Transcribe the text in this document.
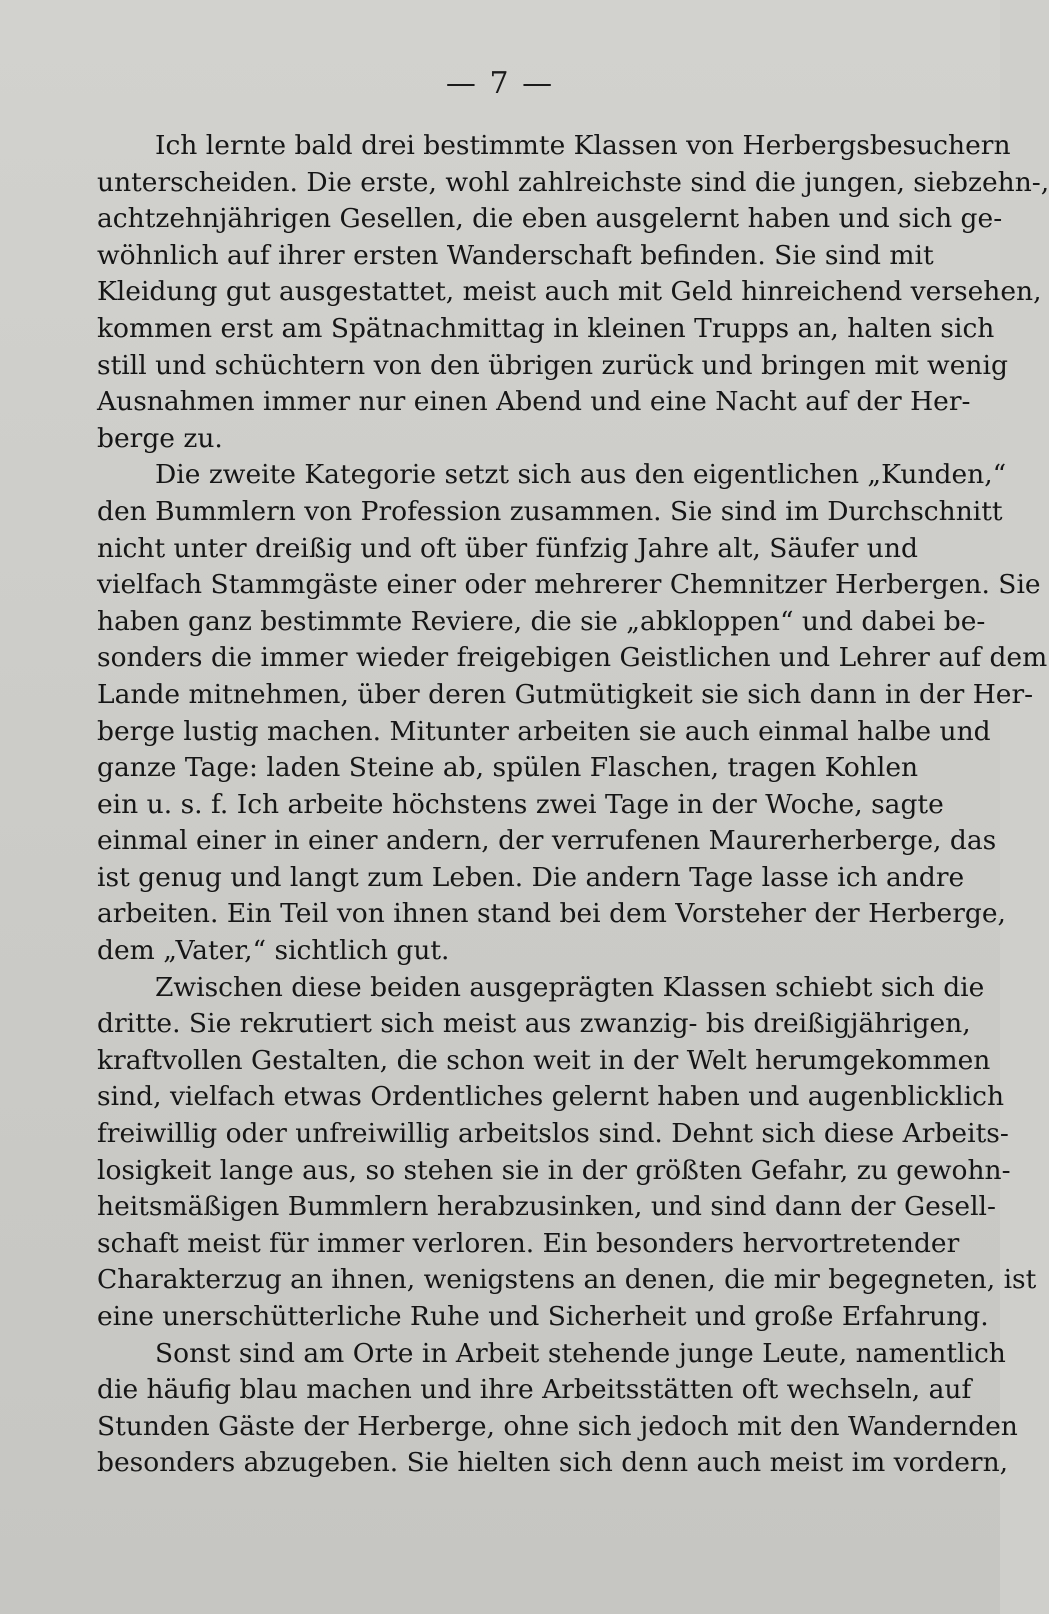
— 7 —
Ich lernte bald drei bestimmte Klassen von Herbergsbesuchern
unterscheiden. Die erste, wohl zahlreichste sind die jungen, siebzehn-,
achtzehnjährigen Gesellen, die eben ausgelernt haben und sich ge-
wöhnlich auf ihrer ersten Wanderschaft befinden. Sie sind mit
Kleidung gut ausgestattet, meist auch mit Geld hinreichend versehen,
kommen erst am Spätnachmittag in kleinen Trupps an, halten sich
still und schüchtern von den übrigen zurück und bringen mit wenig
Ausnahmen immer nur einen Abend und eine Nacht auf der Her-
berge zu.
Die zweite Kategorie setzt sich aus den eigentlichen „Kunden,“
den Bummlern von Profession zusammen. Sie sind im Durchschnitt
nicht unter dreißig und oft über fünfzig Jahre alt, Säufer und
vielfach Stammgäste einer oder mehrerer Chemnitzer Herbergen. Sie
haben ganz bestimmte Reviere, die sie „abkloppen“ und dabei be-
sonders die immer wieder freigebigen Geistlichen und Lehrer auf dem
Lande mitnehmen, über deren Gutmütigkeit sie sich dann in der Her-
berge lustig machen. Mitunter arbeiten sie auch einmal halbe und
ganze Tage: laden Steine ab, spülen Flaschen, tragen Kohlen
ein u. s. f. Ich arbeite höchstens zwei Tage in der Woche, sagte
einmal einer in einer andern, der verrufenen Maurerherberge, das
ist genug und langt zum Leben. Die andern Tage lasse ich andre
arbeiten. Ein Teil von ihnen stand bei dem Vorsteher der Herberge,
dem „Vater,“ sichtlich gut.
Zwischen diese beiden ausgeprägten Klassen schiebt sich die
dritte. Sie rekrutiert sich meist aus zwanzig- bis dreißigjährigen,
kraftvollen Gestalten, die schon weit in der Welt herumgekommen
sind, vielfach etwas Ordentliches gelernt haben und augenblicklich
freiwillig oder unfreiwillig arbeitslos sind. Dehnt sich diese Arbeits-
losigkeit lange aus, so stehen sie in der größten Gefahr, zu gewohn-
heitsmäßigen Bummlern herabzusinken, und sind dann der Gesell-
schaft meist für immer verloren. Ein besonders hervortretender
Charakterzug an ihnen, wenigstens an denen, die mir begegneten, ist
eine unerschütterliche Ruhe und Sicherheit und große Erfahrung.
Sonst sind am Orte in Arbeit stehende junge Leute, namentlich
die häufig blau machen und ihre Arbeitsstätten oft wechseln, auf
Stunden Gäste der Herberge, ohne sich jedoch mit den Wandernden
besonders abzugeben. Sie hielten sich denn auch meist im vordern,
